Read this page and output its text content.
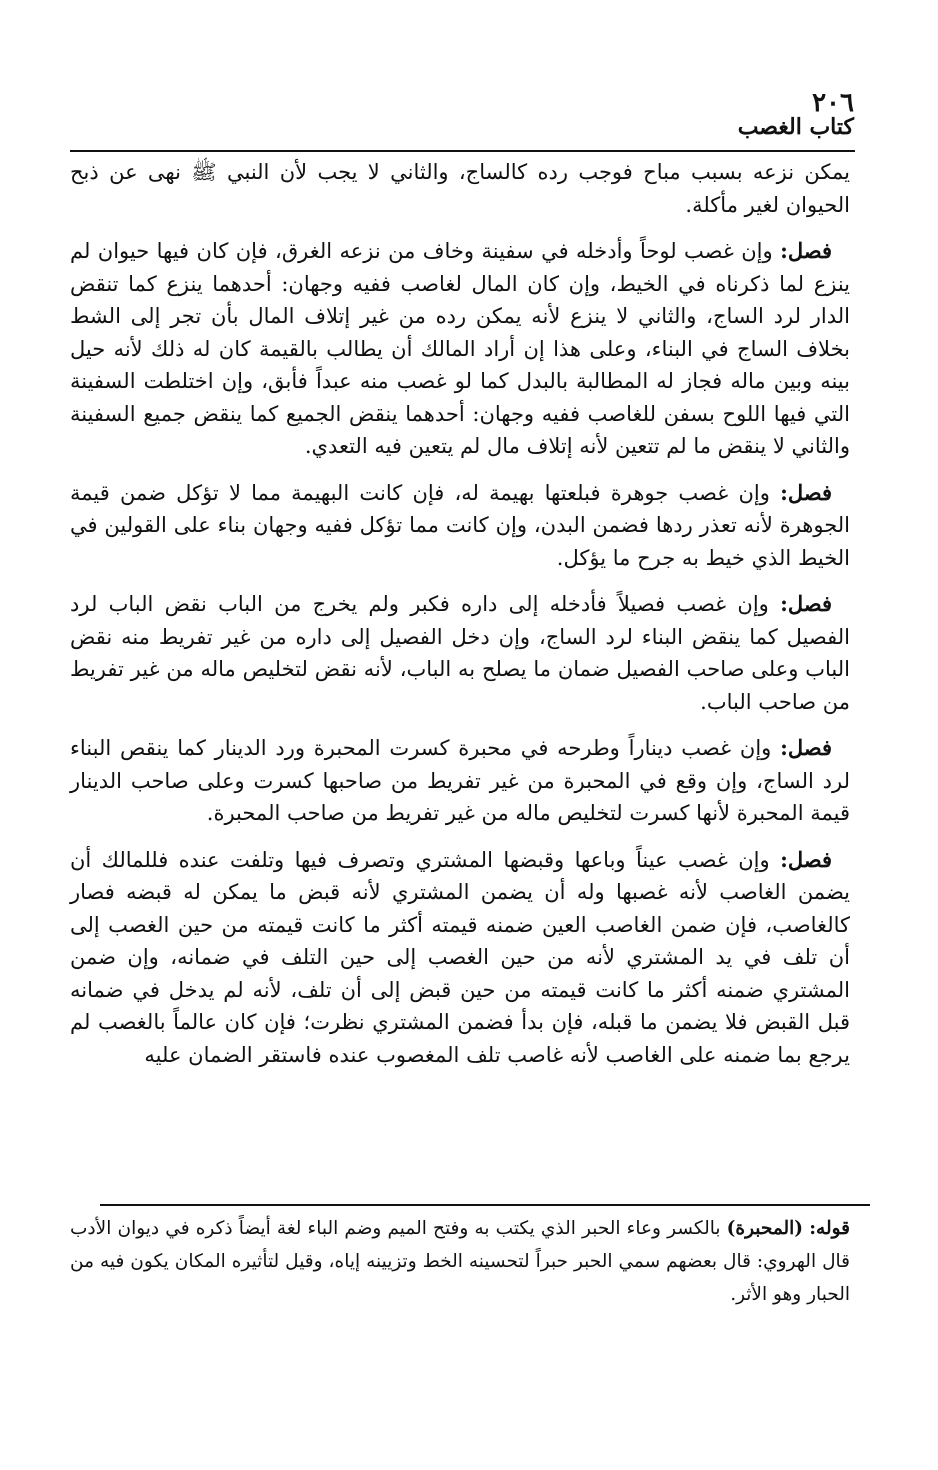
٢٠٦
كتاب الغصب

يمكن نزعه بسبب مباح فوجب رده كالساج، والثاني لا يجب لأن النبي ﷺ نهى عن ذبح الحيوان لغير مأكلة.

فصل: وإن غصب لوحاً وأدخله في سفينة وخاف من نزعه الغرق، فإن كان فيها حيوان لم ينزع لما ذكرناه في الخيط، وإن كان المال لغاصب ففيه وجهان: أحدهما ينزع كما تنقض الدار لرد الساج، والثاني لا ينزع لأنه يمكن رده من غير إتلاف المال بأن تجر إلى الشط بخلاف الساج في البناء، وعلى هذا إن أراد المالك أن يطالب بالقيمة كان له ذلك لأنه حيل بينه وبين ماله فجاز له المطالبة بالبدل كما لو غصب منه عبداً فأبق، وإن اختلطت السفينة التي فيها اللوح بسفن للغاصب ففيه وجهان: أحدهما ينقض الجميع كما ينقض جميع السفينة والثاني لا ينقض ما لم تتعين لأنه إتلاف مال لم يتعين فيه التعدي.

فصل: وإن غصب جوهرة فبلعتها بهيمة له، فإن كانت البهيمة مما لا تؤكل ضمن قيمة الجوهرة لأنه تعذر ردها فضمن البدن، وإن كانت مما تؤكل ففيه وجهان بناء على القولين في الخيط الذي خيط به جرح ما يؤكل.

فصل: وإن غصب فصيلاً فأدخله إلى داره فكبر ولم يخرج من الباب نقض الباب لرد الفصيل كما ينقض البناء لرد الساج، وإن دخل الفصيل إلى داره من غير تفريط منه نقض الباب وعلى صاحب الفصيل ضمان ما يصلح به الباب، لأنه نقض لتخليص ماله من غير تفريط من صاحب الباب.

فصل: وإن غصب ديناراً وطرحه في محبرة كسرت المحبرة ورد الدينار كما ينقص البناء لرد الساج، وإن وقع في المحبرة من غير تفريط من صاحبها كسرت وعلى صاحب الدينار قيمة المحبرة لأنها كسرت لتخليص ماله من غير تفريط من صاحب المحبرة.

فصل: وإن غصب عيناً وباعها وقبضها المشتري وتصرف فيها وتلفت عنده فللمالك أن يضمن الغاصب لأنه غصبها وله أن يضمن المشتري لأنه قبض ما يمكن له قبضه فصار كالغاصب، فإن ضمن الغاصب العين ضمنه قيمته أكثر ما كانت قيمته من حين الغصب إلى أن تلف في يد المشتري لأنه من حين الغصب إلى حين التلف في ضمانه، وإن ضمن المشتري ضمنه أكثر ما كانت قيمته من حين قبض إلى أن تلف، لأنه لم يدخل في ضمانه قبل القبض فلا يضمن ما قبله، فإن بدأ فضمن المشتري نظرت؛ فإن كان عالماً بالغصب لم يرجع بما ضمنه على الغاصب لأنه غاصب تلف المغصوب عنده فاستقر الضمان عليه

قوله: (المحبرة) بالكسر وعاء الحبر الذي يكتب به وفتح الميم وضم الباء لغة أيضاً ذكره في ديوان الأدب قال الهروي: قال بعضهم سمي الحبر حبراً لتحسينه الخط وتزيينه إياه، وقيل لتأثيره المكان يكون فيه من الحبار وهو الأثر.
